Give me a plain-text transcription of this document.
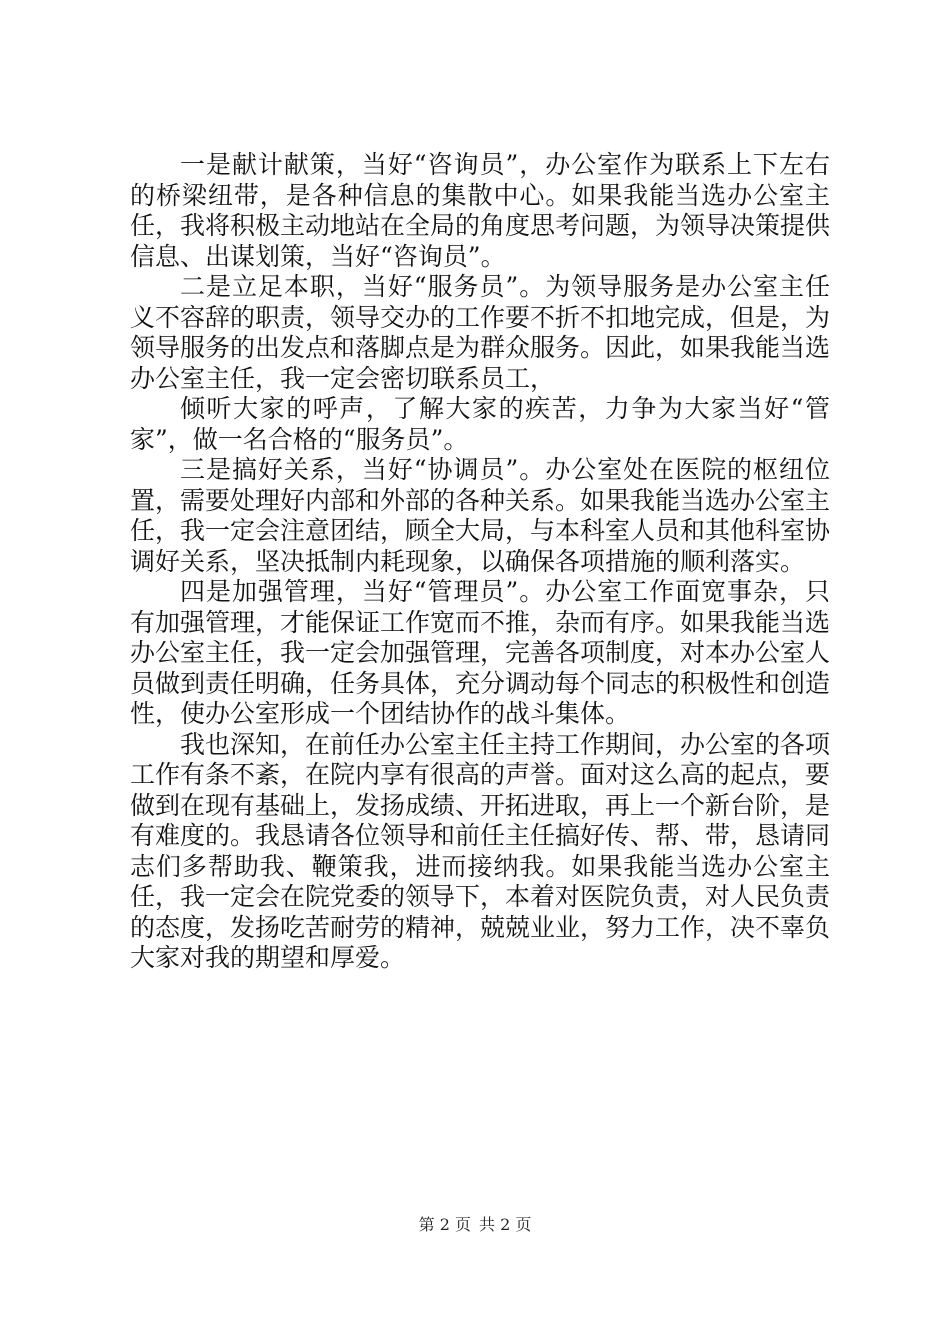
一是献计献策，当好“咨询员”，办公室作为联系上下左右的桥梁纽带，是各种信息的集散中心。如果我能当选办公室主任，我将积极主动地站在全局的角度思考问题，为领导决策提供信息、出谋划策，当好“咨询员”。

二是立足本职，当好“服务员”。为领导服务是办公室主任义不容辞的职责，领导交办的工作要不折不扣地完成，但是，为领导服务的出发点和落脚点是为群众服务。因此，如果我能当选办公室主任，我一定会密切联系员工，

倾听大家的呼声，了解大家的疾苦，力争为大家当好“管家”，做一名合格的“服务员”。

三是搞好关系，当好“协调员”。办公室处在医院的枢纽位置，需要处理好内部和外部的各种关系。如果我能当选办公室主任，我一定会注意团结，顾全大局，与本科室人员和其他科室协调好关系，坚决抵制内耗现象，以确保各项措施的顺利落实。

四是加强管理，当好“管理员”。办公室工作面宽事杂，只有加强管理，才能保证工作宽而不推，杂而有序。如果我能当选办公室主任，我一定会加强管理，完善各项制度，对本办公室人员做到责任明确，任务具体，充分调动每个同志的积极性和创造性，使办公室形成一个团结协作的战斗集体。

我也深知，在前任办公室主任主持工作期间，办公室的各项工作有条不紊，在院内享有很高的声誉。面对这么高的起点，要做到在现有基础上，发扬成绩、开拓进取，再上一个新台阶，是有难度的。我恳请各位领导和前任主任搞好传、帮、带，恳请同志们多帮助我、鞭策我，进而接纳我。如果我能当选办公室主任，我一定会在院党委的领导下，本着对医院负责，对人民负责的态度，发扬吃苦耐劳的精神，兢兢业业，努力工作，决不辜负大家对我的期望和厚爱。

第 2 页 共 2 页
